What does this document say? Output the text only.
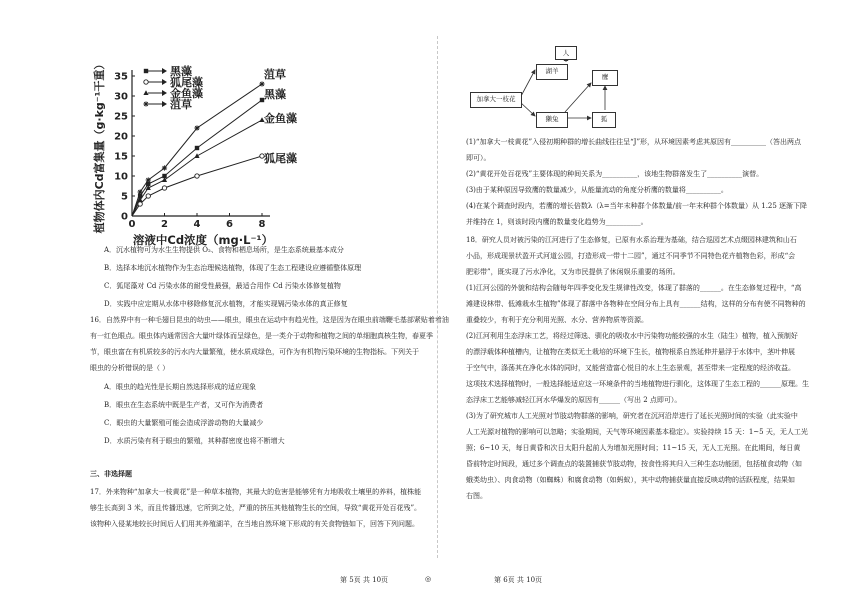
0	2	4	6	8
0
5
10
15
20
25
30
35
溶液中Cd浓度（mg·L⁻¹）
植物体内Cd富集量（g·kg⁻¹干重）	黑藻
狐尾藻
金鱼藻
菹草
菹草
黑藻
金鱼藻
狐尾藻
A．沉水植物可为水生生物提供 O₂、食物和栖息场所，是生态系统最基本成分
B．选择本地沉水植物作为生态治理候选植物，体现了生态工程建设应遵循整体原理
C．狐尾藻对 Cd 污染水体的耐受性最强，最适合用作 Cd 污染水体修复植物
D．实践中应定期从水体中移除修复沉水植物，才能实现镉污染水体的真正修复
16．自然界中有一种毛翅目昆虫的幼虫——眼虫，眼虫在运动中有趋光性，这是因为在眼虫前端鞭毛基部紧贴着着油
有一红色眼点。眼虫体内通常因含大量叶绿体而呈绿色，是一类介于动物和植物之间的单细胞真核生物，春夏季
节，眼虫富在有机质较多的污水内大量繁殖，使水质成绿色，可作为有机物污染环境的生物指标。下列关于
眼虫的分析错误的是（ ）
A．眼虫的趋光性是长期自然选择形成的适应现象
B．眼虫在生态系统中既是生产者，又可作为消费者
C．眼虫的大量繁殖可能会造成浮游动物的大量减少
D．水质污染有利于眼虫的繁殖，其种群密度也将不断增大
三、非选择题
17．外来物种“加拿大一枝黄花”是一种草本植物，其最大的危害是能够凭有力地吸收土壤里的养料，植株能
够生长高到 3 米，而且传播迅速，它所到之处，严重的挤压其他植物生长的空间，导致“黄花开处百花残”。
该物种入侵某地较长时间后人们用其养殖湖羊，在当地自然环境下形成的有关食物链如下，回答下列问题。
第 5页 共 10页	◎
人
湖羊
鹰
加拿大一枝花
獭兔	狐
(1)“加拿大一枝黄花”入侵初期种群的增长曲线往往呈“J”形，从环境因素考虑其原因有__________（答出两点
即可）。
(2)“黄花开处百花残”主要体现的种间关系为__________，该地生物群落发生了__________演替。
(3)由于某种原因导致鹰的数量减少，从能量流动的角度分析鹰的数量将__________。
(4)在某个调查时段内，若鹰的增长倍数λ（λ=当年末种群个体数量/前一年末种群个体数量）从 1.25 逐渐下降
并维持在 1，则该时段内鹰的数量变化趋势为__________。
18．研究人员对被污染的江河进行了生态修复，已原有水系治理为基础，结合巡园艺术点缀园林建筑和山石
小品，形成现景状盈开式河道公园，打造形成一带十二园”，通过不同季节不同特色花卉植物色彩，形成“会
肥彩带”，既实现了污水净化，又为市民提供了休闲娱乐重要的场所。
(1)江河公园的外貌和结构会随每年四季变化发生规律性改变，体现了群落的______。在生态修复过程中，“高
滩建设林带、低滩栽水生植物”体现了群落中各物种在空间分布上具有______结构，这样的分布有使不同物种的
重叠较少，有利于充分利用光照、水分、营养物质等资源。
(2)江河利用生态浮床工艺，将经过筛选、驯化的吸收水中污染物功能较强的水生（陆生）植物，植入预制好
的漂浮载体种植槽内，让植物在类似无土栽培的环境下生长，植物根系自然延伸并悬浮于水体中，茎叶伸展
于空气中，涤荡其在净化水体的同时，又能营造富心悦目的水上生态景观，甚至带来一定程度的经济收益。
这项技术选择植物时，一般选择能适应这一环境条件的当地植物进行驯化，这体现了生态工程的______原理。生
态浮床工艺能够减轻江河水华爆发的原因有______（写出 2 点即可）。
(3)为了研究城市人工光照对节肢动物群落的影响，研究者在沉河沿岸进行了延长光照时间的实验（此实验中
人工光源对植物的影响可以忽略；实验期间，天气等环境因素基本稳定）。实验持续 15 天：1~5 天，无人工光
照；6~10 天，每日黄昏和次日太阳升起前人为增加光照时间；11~15 天，无人工光照。在此期间，每日黄
昏前特定时间段，通过多个调查点的装置捕获节肢动物，按食性将其归入三种生态功能团，包括植食动物（如
蛾类幼虫）、肉食动物（如蜘蛛）和腐食动物（如蚂蚁），其中动物捕获量直接反映动物的活跃程度，结果如
右图。
第 6页 共 10页
